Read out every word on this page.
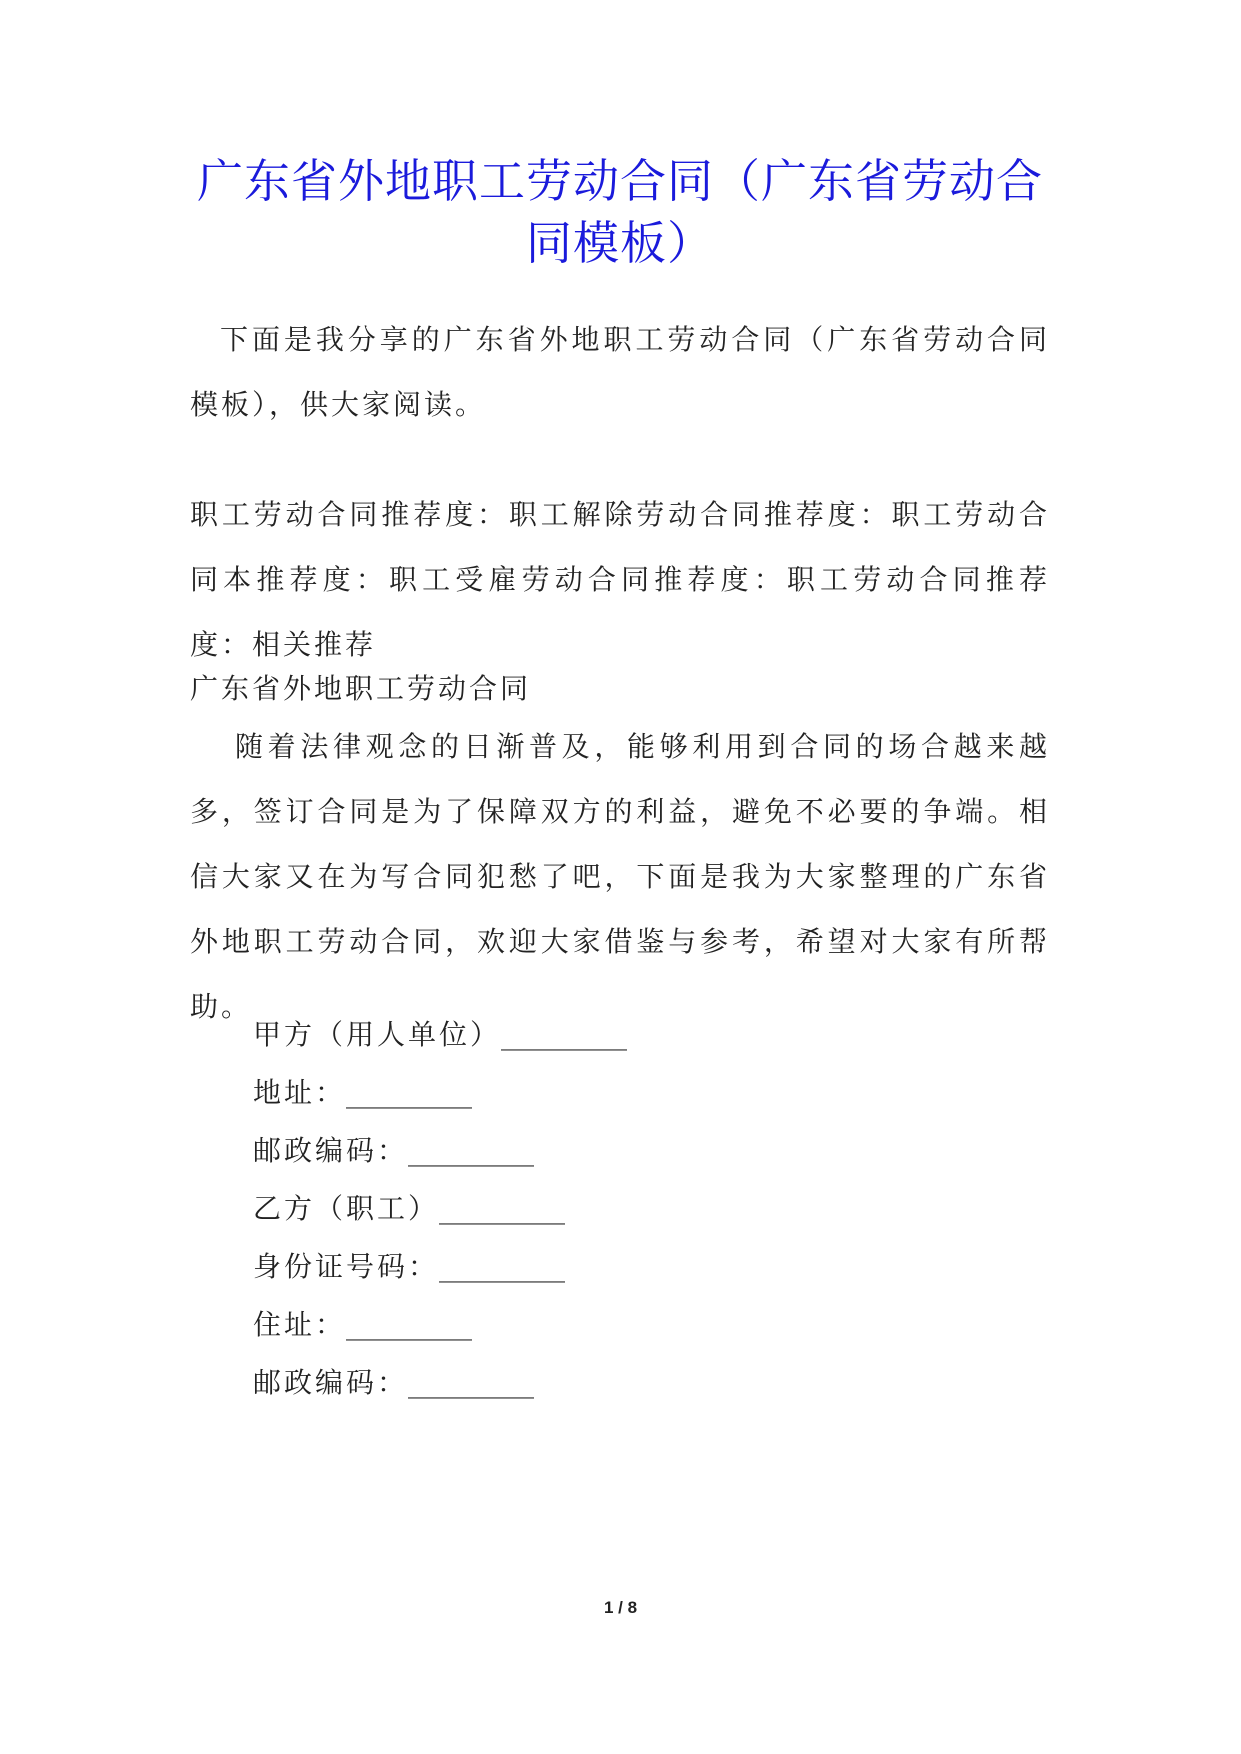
广东省外地职工劳动合同（广东省劳动合同模板）
下面是我分享的广东省外地职工劳动合同（广东省劳动合同模板），供大家阅读。
职工劳动合同推荐度：职工解除劳动合同推荐度：职工劳动合同本推荐度：职工受雇劳动合同推荐度：职工劳动合同推荐度：相关推荐
广东省外地职工劳动合同
随着法律观念的日渐普及，能够利用到合同的场合越来越多，签订合同是为了保障双方的利益，避免不必要的争端。相信大家又在为写合同犯愁了吧，下面是我为大家整理的广东省外地职工劳动合同，欢迎大家借鉴与参考，希望对大家有所帮助。
甲方（用人单位）_________
地址：_________
邮政编码：_________
乙方（职工）_________
身份证号码：_________
住址：_________
邮政编码：_________
1 / 8
